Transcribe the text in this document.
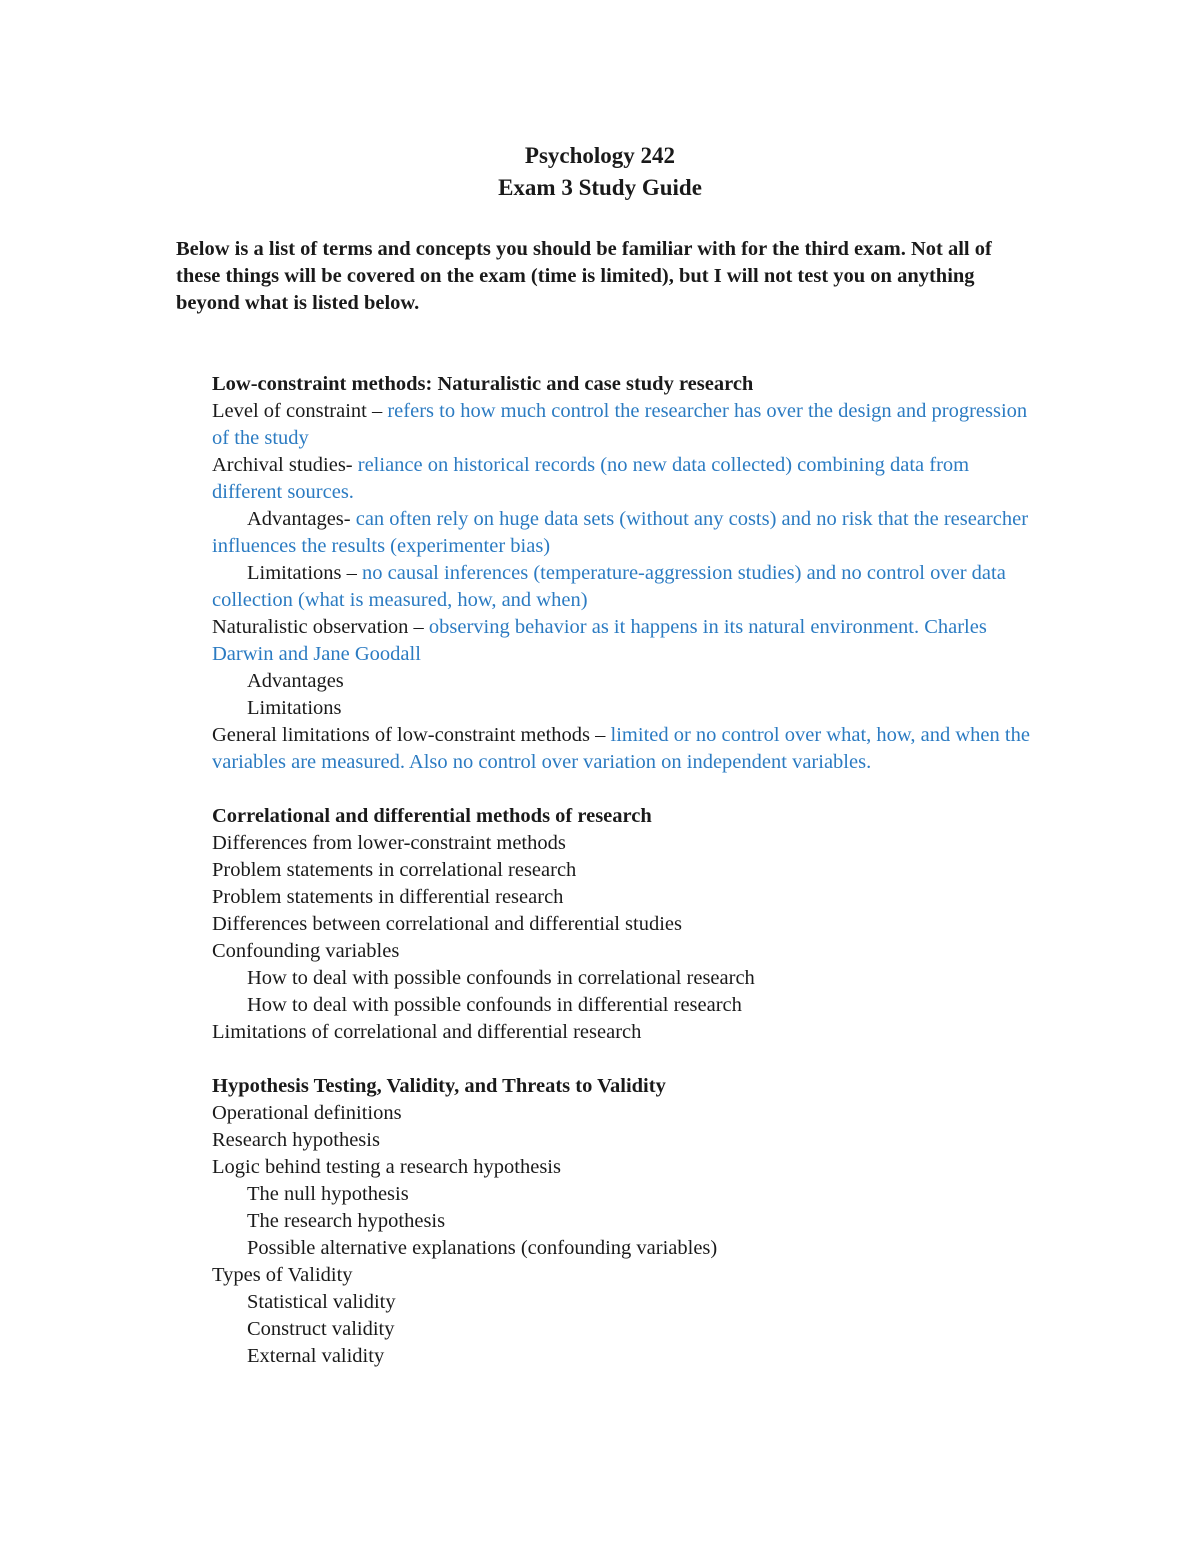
Psychology 242
Exam 3 Study Guide

Below is a list of terms and concepts you should be familiar with for the third exam. Not all of these things will be covered on the exam (time is limited), but I will not test you on anything beyond what is listed below.

Low-constraint methods: Naturalistic and case study research
Level of constraint – refers to how much control the researcher has over the design and progression of the study
Archival studies- reliance on historical records (no new data collected) combining data from different sources.
Advantages- can often rely on huge data sets (without any costs) and no risk that the researcher influences the results (experimenter bias)
Limitations – no causal inferences (temperature-aggression studies) and no control over data collection (what is measured, how, and when)
Naturalistic observation – observing behavior as it happens in its natural environment. Charles Darwin and Jane Goodall
Advantages
Limitations
General limitations of low-constraint methods – limited or no control over what, how, and when the variables are measured. Also no control over variation on independent variables.
Correlational and differential methods of research
Differences from lower-constraint methods
Problem statements in correlational research
Problem statements in differential research
Differences between correlational and differential studies
Confounding variables
How to deal with possible confounds in correlational research
How to deal with possible confounds in differential research
Limitations of correlational and differential research
Hypothesis Testing, Validity, and Threats to Validity
Operational definitions
Research hypothesis
Logic behind testing a research hypothesis
The null hypothesis
The research hypothesis
Possible alternative explanations (confounding variables)
Types of Validity
Statistical validity
Construct validity
External validity
